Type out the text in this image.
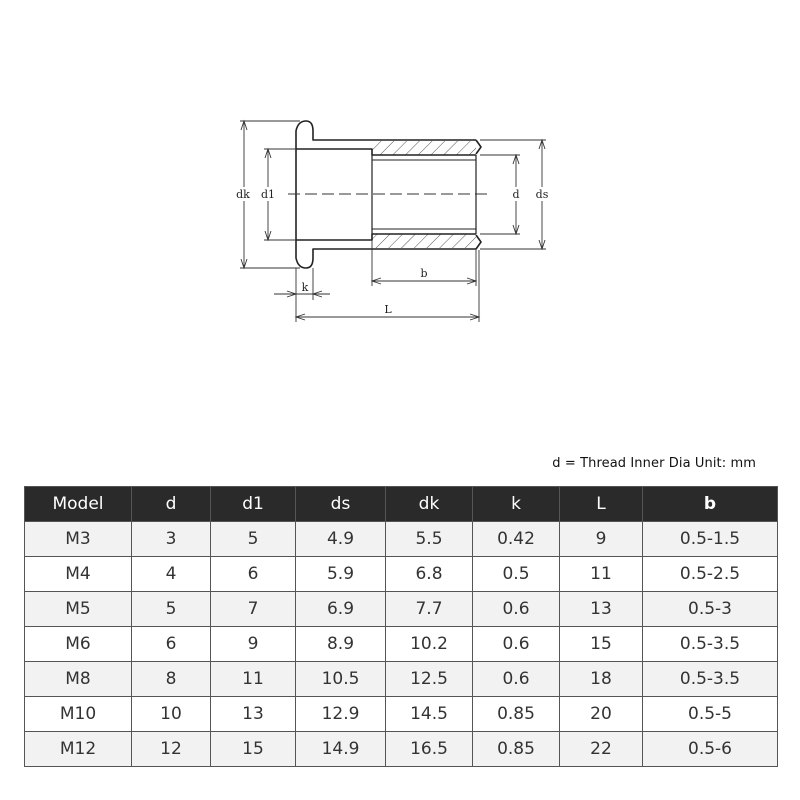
dk d1	d ds
b
k
L
d = Thread Inner Dia Unit: mm
Model	d	d1	ds	dk	k	L	b
M3	3	5	4.9	5.5	0.42	9	0.5-1.5
M4	4	6	5.9	6.8	0.5	11	0.5-2.5
M5	5	7	6.9	7.7	0.6	13	0.5-3
M6	6	9	8.9	10.2	0.6	15	0.5-3.5
M8	8	11	10.5	12.5	0.6	18	0.5-3.5
M10	10	13	12.9	14.5	0.85	20	0.5-5
M12	12	15	14.9	16.5	0.85	22	0.5-6
